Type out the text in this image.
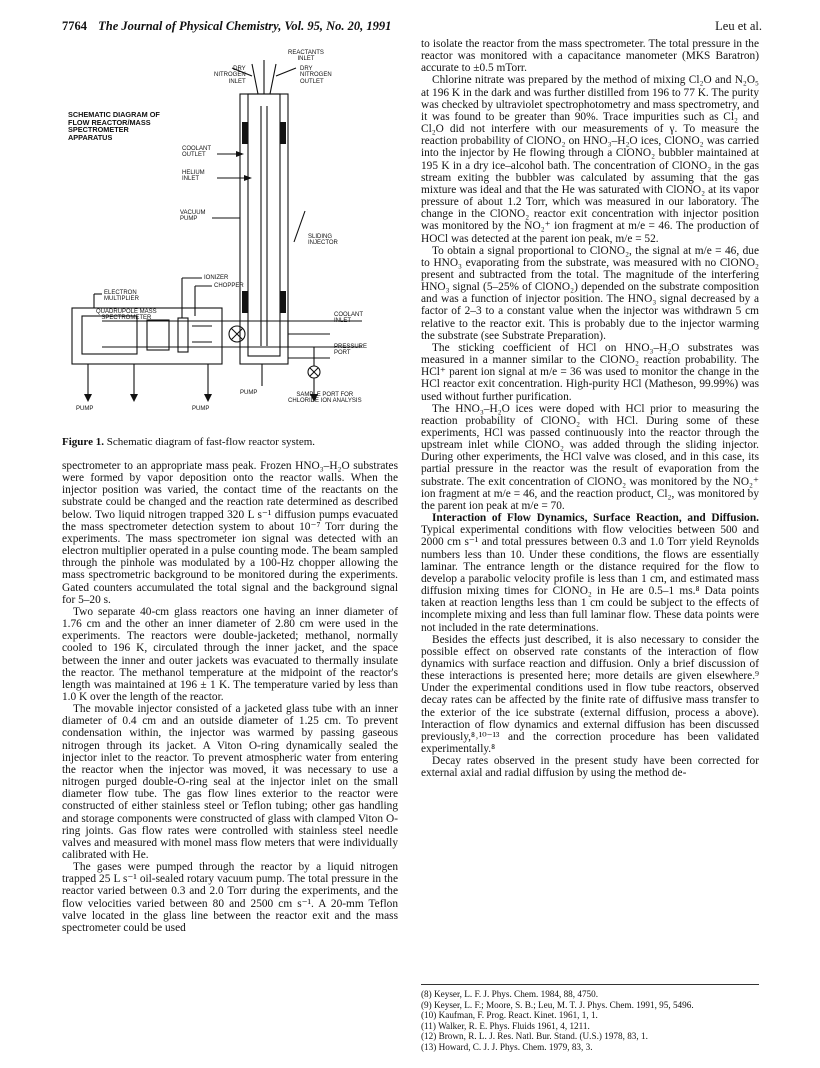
7764 The Journal of Physical Chemistry, Vol. 95, No. 20, 1991	Leu et al.
SCHEMATIC DIAGRAM OF
FLOW REACTOR/MASS
SPECTROMETER
APPARATUS
REACTANTS
INLET
DRY
NITROGEN
INLET
DRY
NITROGEN
OUTLET
COOLANT
OUTLET
HELIUM
INLET
VACUUM
PUMP
SLIDING
INJECTOR
IONIZER
CHOPPER
ELECTRON
MULTIPLIER
QUADRUPOLE MASS
SPECTROMETER
COOLANT
INLET
PRESSURE
PORT
PUMP	PUMP
PUMP	SAMPLE PORT FOR
CHLORIDE ION ANALYSIS
Figure 1. Schematic diagram of fast-flow reactor system.

spectrometer to an appropriate mass peak. Frozen HNO₃–H₂O substrates were formed by vapor deposition onto the reactor walls. When the injector position was varied, the contact time of the reactants on the substrate could be changed and the reaction rate determined as described below. Two liquid nitrogen trapped 320 L s⁻¹ diffusion pumps evacuated the mass spectrometer detection system to about 10⁻⁷ Torr during the experiments. The mass spectrometer ion signal was detected with an electron multiplier operated in a pulse counting mode. The beam sampled through the pinhole was modulated by a 100-Hz chopper allowing the mass spectrometric background to be monitored during the experiments. Gated counters accumulated the total signal and the background signal for 5–20 s.

Two separate 40-cm glass reactors one having an inner diameter of 1.76 cm and the other an inner diameter of 2.80 cm were used in the experiments. The reactors were double-jacketed; methanol, normally cooled to 196 K, circulated through the inner jacket, and the space between the inner and outer jackets was evacuated to thermally insulate the reactor. The methanol temperature at the midpoint of the reactor's length was maintained at 196 ± 1 K. The temperature varied by less than 1.0 K over the length of the reactor.

The movable injector consisted of a jacketed glass tube with an inner diameter of 0.4 cm and an outside diameter of 1.25 cm. To prevent condensation within, the injector was warmed by passing gaseous nitrogen through its jacket. A Viton O-ring dynamically sealed the injector inlet to the reactor. To prevent atmospheric water from entering the reactor when the injector was moved, it was necessary to use a nitrogen purged double-O-ring seal at the injector inlet on the small diameter flow tube. The gas flow lines exterior to the reactor were constructed of either stainless steel or Teflon tubing; other gas handling and storage components were constructed of glass with clamped Viton O-ring joints. Gas flow rates were controlled with stainless steel needle valves and measured with monel mass flow meters that were individually calibrated with He.

The gases were pumped through the reactor by a liquid nitrogen trapped 25 L s⁻¹ oil-sealed rotary vacuum pump. The total pressure in the reactor varied between 0.3 and 2.0 Torr during the experiments, and the flow velocities varied between 80 and 2500 cm s⁻¹. A 20-mm Teflon valve located in the glass line between the reactor exit and the mass spectrometer could be used

to isolate the reactor from the mass spectrometer. The total pressure in the reactor was monitored with a capacitance manometer (MKS Baratron) accurate to ±0.5 mTorr.

Chlorine nitrate was prepared by the method of mixing Cl₂O and N₂O₅ at 196 K in the dark and was further distilled from 196 to 77 K. The purity was checked by ultraviolet spectrophotometry and mass spectrometry, and it was found to be greater than 90%. Trace impurities such as Cl₂ and Cl₂O did not interfere with our measurements of γ. To measure the reaction probability of ClONO₂ on HNO₃–H₂O ices, ClONO₂ was carried into the injector by He flowing through a ClONO₂ bubbler maintained at 195 K in a dry ice–alcohol bath. The concentration of ClONO₂ in the gas stream exiting the bubbler was calculated by assuming that the gas mixture was ideal and that the He was saturated with ClONO₂ at its vapor pressure of about 1.2 Torr, which was measured in our laboratory. The change in the ClONO₂ reactor exit concentration with injector position was monitored by the NO₂⁺ ion fragment at m/e = 46. The production of HOCl was detected at the parent ion peak, m/e = 52.

To obtain a signal proportional to ClONO₂, the signal at m/e = 46, due to HNO₃ evaporating from the substrate, was measured with no ClONO₂ present and subtracted from the total. The magnitude of the interfering HNO₃ signal (5–25% of ClONO₂) depended on the substrate composition and was a function of injector position. The HNO₃ signal decreased by a factor of 2–3 to a constant value when the injector was withdrawn 5 cm relative to the reactor exit. This is probably due to the injector warming the substrate (see Substrate Preparation).

The sticking coefficient of HCl on HNO₃–H₂O substrates was measured in a manner similar to the ClONO₂ reaction probability. The HCl⁺ parent ion signal at m/e = 36 was used to monitor the change in the HCl reactor exit concentration. High-purity HCl (Matheson, 99.99%) was used without further purification.

The HNO₃–H₂O ices were doped with HCl prior to measuring the reaction probability of ClONO₂ with HCl. During some of these experiments, HCl was passed continuously into the reactor through the upstream inlet while ClONO₂ was added through the sliding injector. During other experiments, the HCl valve was closed, and in this case, its partial pressure in the reactor was the result of evaporation from the substrate. The exit concentration of ClONO₂ was monitored by the NO₂⁺ ion fragment at m/e = 46, and the reaction product, Cl₂, was monitored by the parent ion peak at m/e = 70.

Interaction of Flow Dynamics, Surface Reaction, and Diffusion. Typical experimental conditions with flow velocities between 500 and 2000 cm s⁻¹ and total pressures between 0.3 and 1.0 Torr yield Reynolds numbers less than 10. Under these conditions, the flows are essentially laminar. The entrance length or the distance required for the flow to develop a parabolic velocity profile is less than 1 cm, and estimated mass diffusion mixing times for ClONO₂ in He are 0.5–1 ms.⁸ Data points taken at reaction lengths less than 1 cm could be subject to the effects of incomplete mixing and less than full laminar flow. These data points were not included in the rate determinations.

Besides the effects just described, it is also necessary to consider the possible effect on observed rate constants of the interaction of flow dynamics with surface reaction and diffusion. Only a brief discussion of these interactions is presented here; more details are given elsewhere.⁹ Under the experimental conditions used in flow tube reactors, observed decay rates can be affected by the finite rate of diffusive mass transfer to the exterior of the ice substrate (external diffusion, process a above). Interaction of flow dynamics and external diffusion has been discussed previously,⁸˒¹⁰⁻¹³ and the correction procedure has been validated experimentally.⁸

Decay rates observed in the present study have been corrected for external axial and radial diffusion by using the method de-

(8) Keyser, L. F. J. Phys. Chem. 1984, 88, 4750.
(9) Keyser, L. F.; Moore, S. B.; Leu, M. T. J. Phys. Chem. 1991, 95, 5496.
(10) Kaufman, F. Prog. React. Kinet. 1961, 1, 1.
(11) Walker, R. E. Phys. Fluids 1961, 4, 1211.
(12) Brown, R. L. J. Res. Natl. Bur. Stand. (U.S.) 1978, 83, 1.
(13) Howard, C. J. J. Phys. Chem. 1979, 83, 3.
